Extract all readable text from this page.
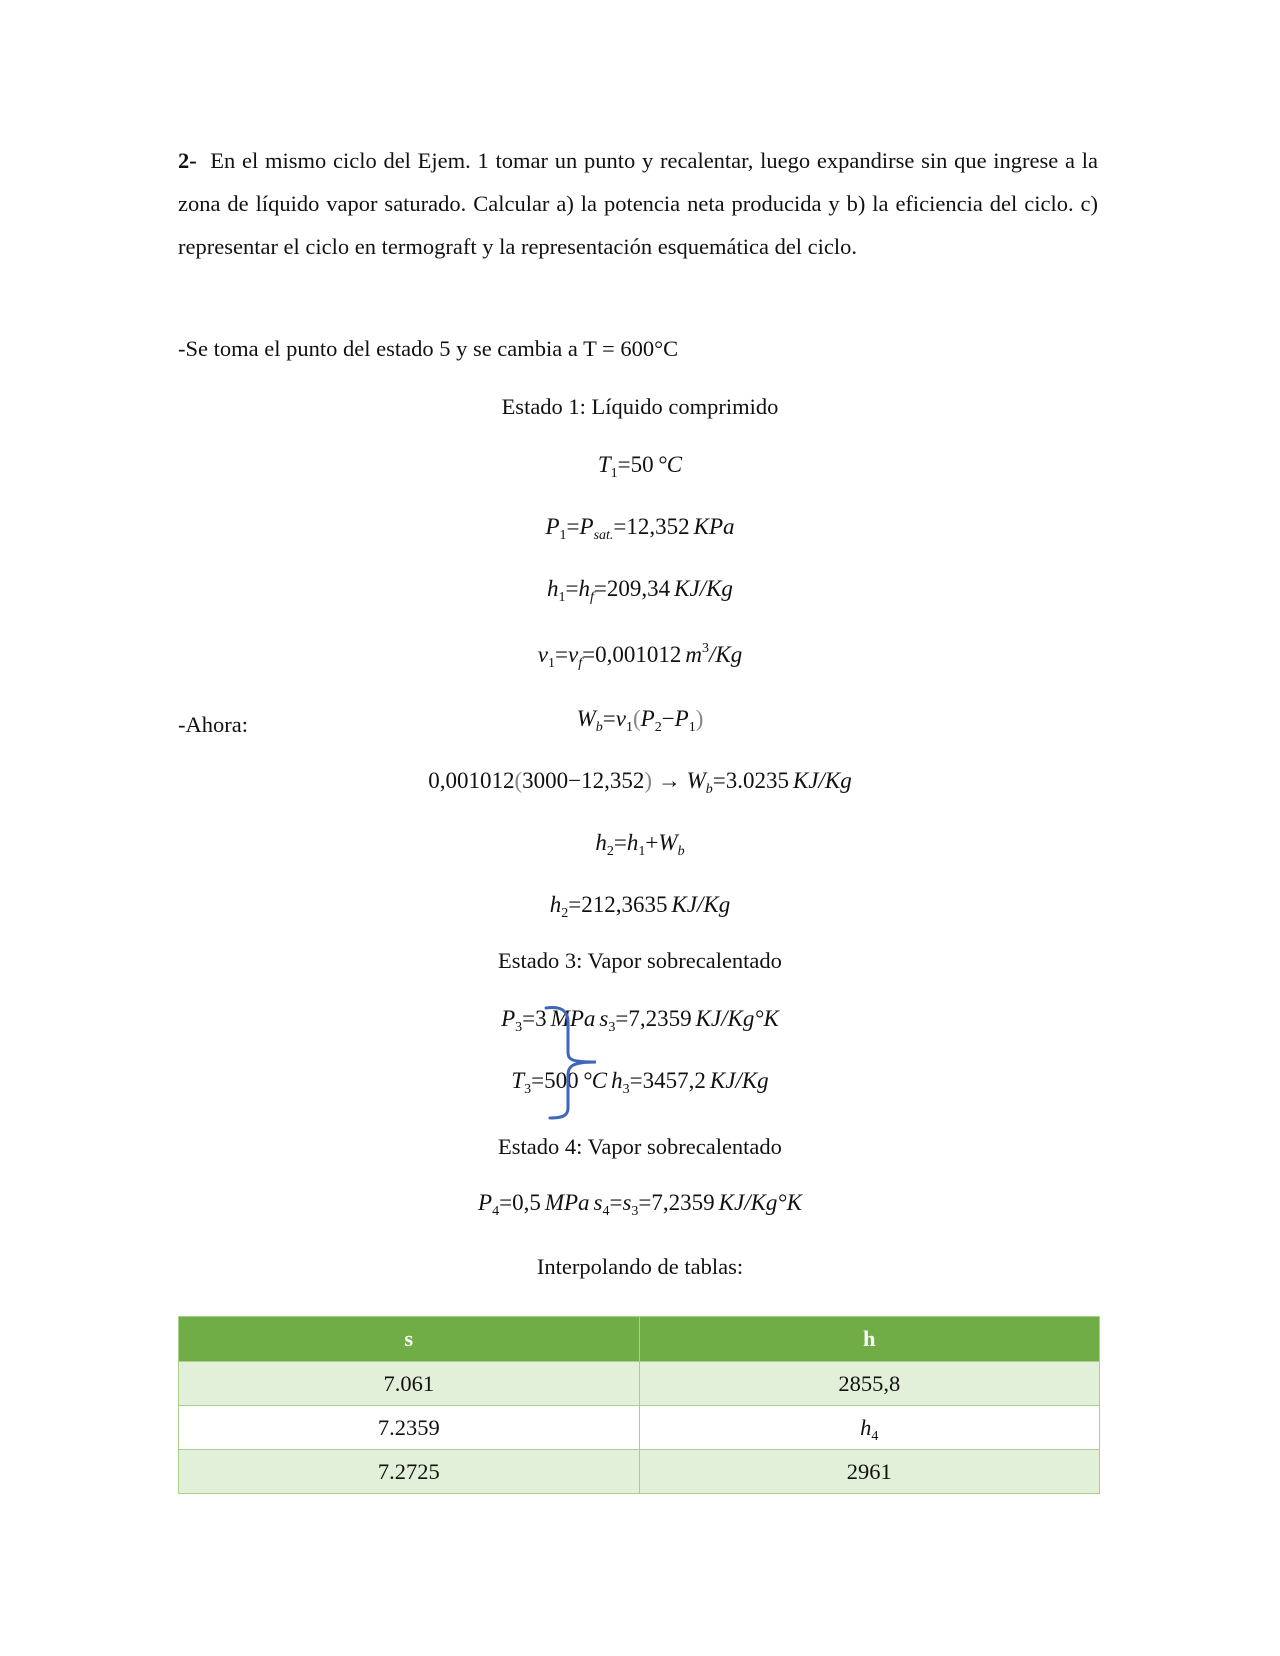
2- En el mismo ciclo del Ejem. 1 tomar un punto y recalentar, luego expandirse sin que ingrese a la zona de líquido vapor saturado. Calcular a) la potencia neta producida y b) la eficiencia del ciclo. c) representar el ciclo en termograft y la representación esquemática del ciclo.
-Se toma el punto del estado 5 y se cambia a T = 600°C
Estado 1: Líquido comprimido
$T_1=50$ °C
$P_1=P_{sat.}=12,352$ KPa
$h_1=h_f=209,34$ KJ/Kg
$v_1=v_f=0,001012$ $m^3/Kg$
-Ahora:	$W_b=v_1(P_2-P_1)$
$0,001012(3000-12,352) \to W_b=3.0235$ KJ/Kg
$h_2=h_1+W_b$
$h_2=212,3635$ KJ/Kg
Estado 3: Vapor sobrecalentado
$P_3=3$ MPa $s_3=7,2359$ KJ/Kg°K
$T_3=500$ °C $h_3=3457,2$ KJ/Kg
Estado 4: Vapor sobrecalentado
$P_4=0,5$ MPa $s_4=s_3=7,2359$ KJ/Kg°K
Interpolando de tablas:
s	h
7.061	2855,8
7.2359	$h_4$
7.2725	2961
